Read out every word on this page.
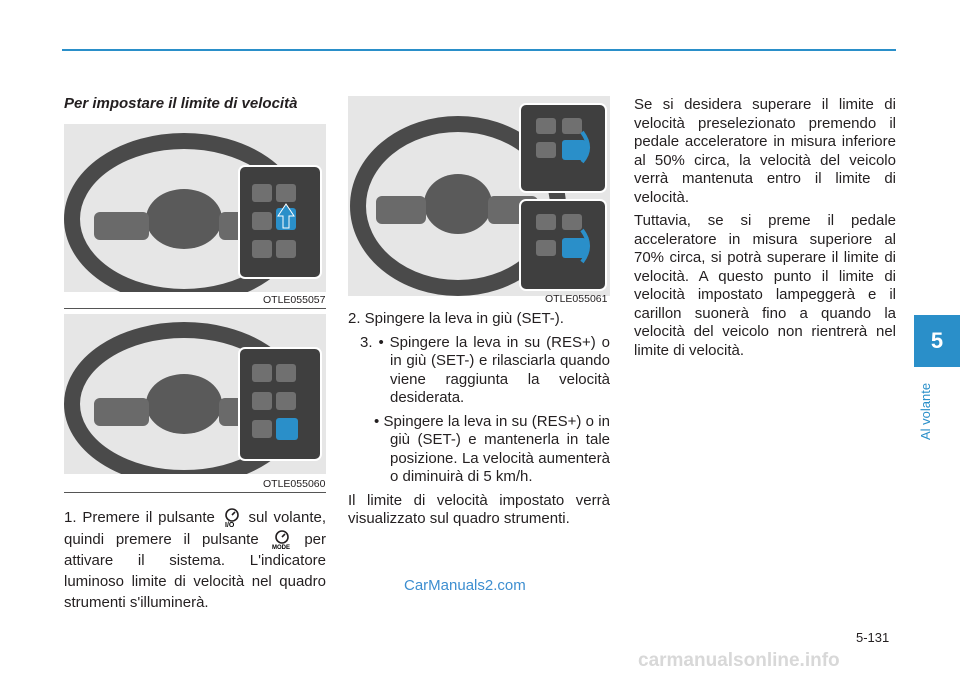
5
Al volante
Per impostare il limite di velocità
OTLE055057
OTLE055060
1. Premere il pulsante I/O sul volante, quindi premere il pulsante MODE per attivare il sistema. L'indicatore luminoso limite di velocità nel quadro strumenti s'illuminerà.
OTLE055061

2. Spingere la leva in giù (SET-).

3. • Spingere la leva in su (RES+) o in giù (SET-) e rilasciarla quando viene raggiunta la velocità desiderata.

• Spingere la leva in su (RES+) o in giù (SET-) e mantenerla in tale posizione. La velocità aumenterà o diminuirà di 5 km/h.

Il limite di velocità impostato verrà visualizzato sul quadro strumenti.

Se si desidera superare il limite di velocità preselezionato premendo il pedale acceleratore in misura inferiore al 50% circa, la velocità del veicolo verrà mantenuta entro il limite di velocità.

Tuttavia, se si preme il pedale acceleratore in misura superiore al 70% circa, si potrà superare il limite di velocità. A questo punto il limite di velocità impostato lampeggerà e il carillon suonerà fino a quando la velocità del veicolo non rientrerà nel limite di velocità.

CarManuals2.com
5-131
carmanualsonline.info
